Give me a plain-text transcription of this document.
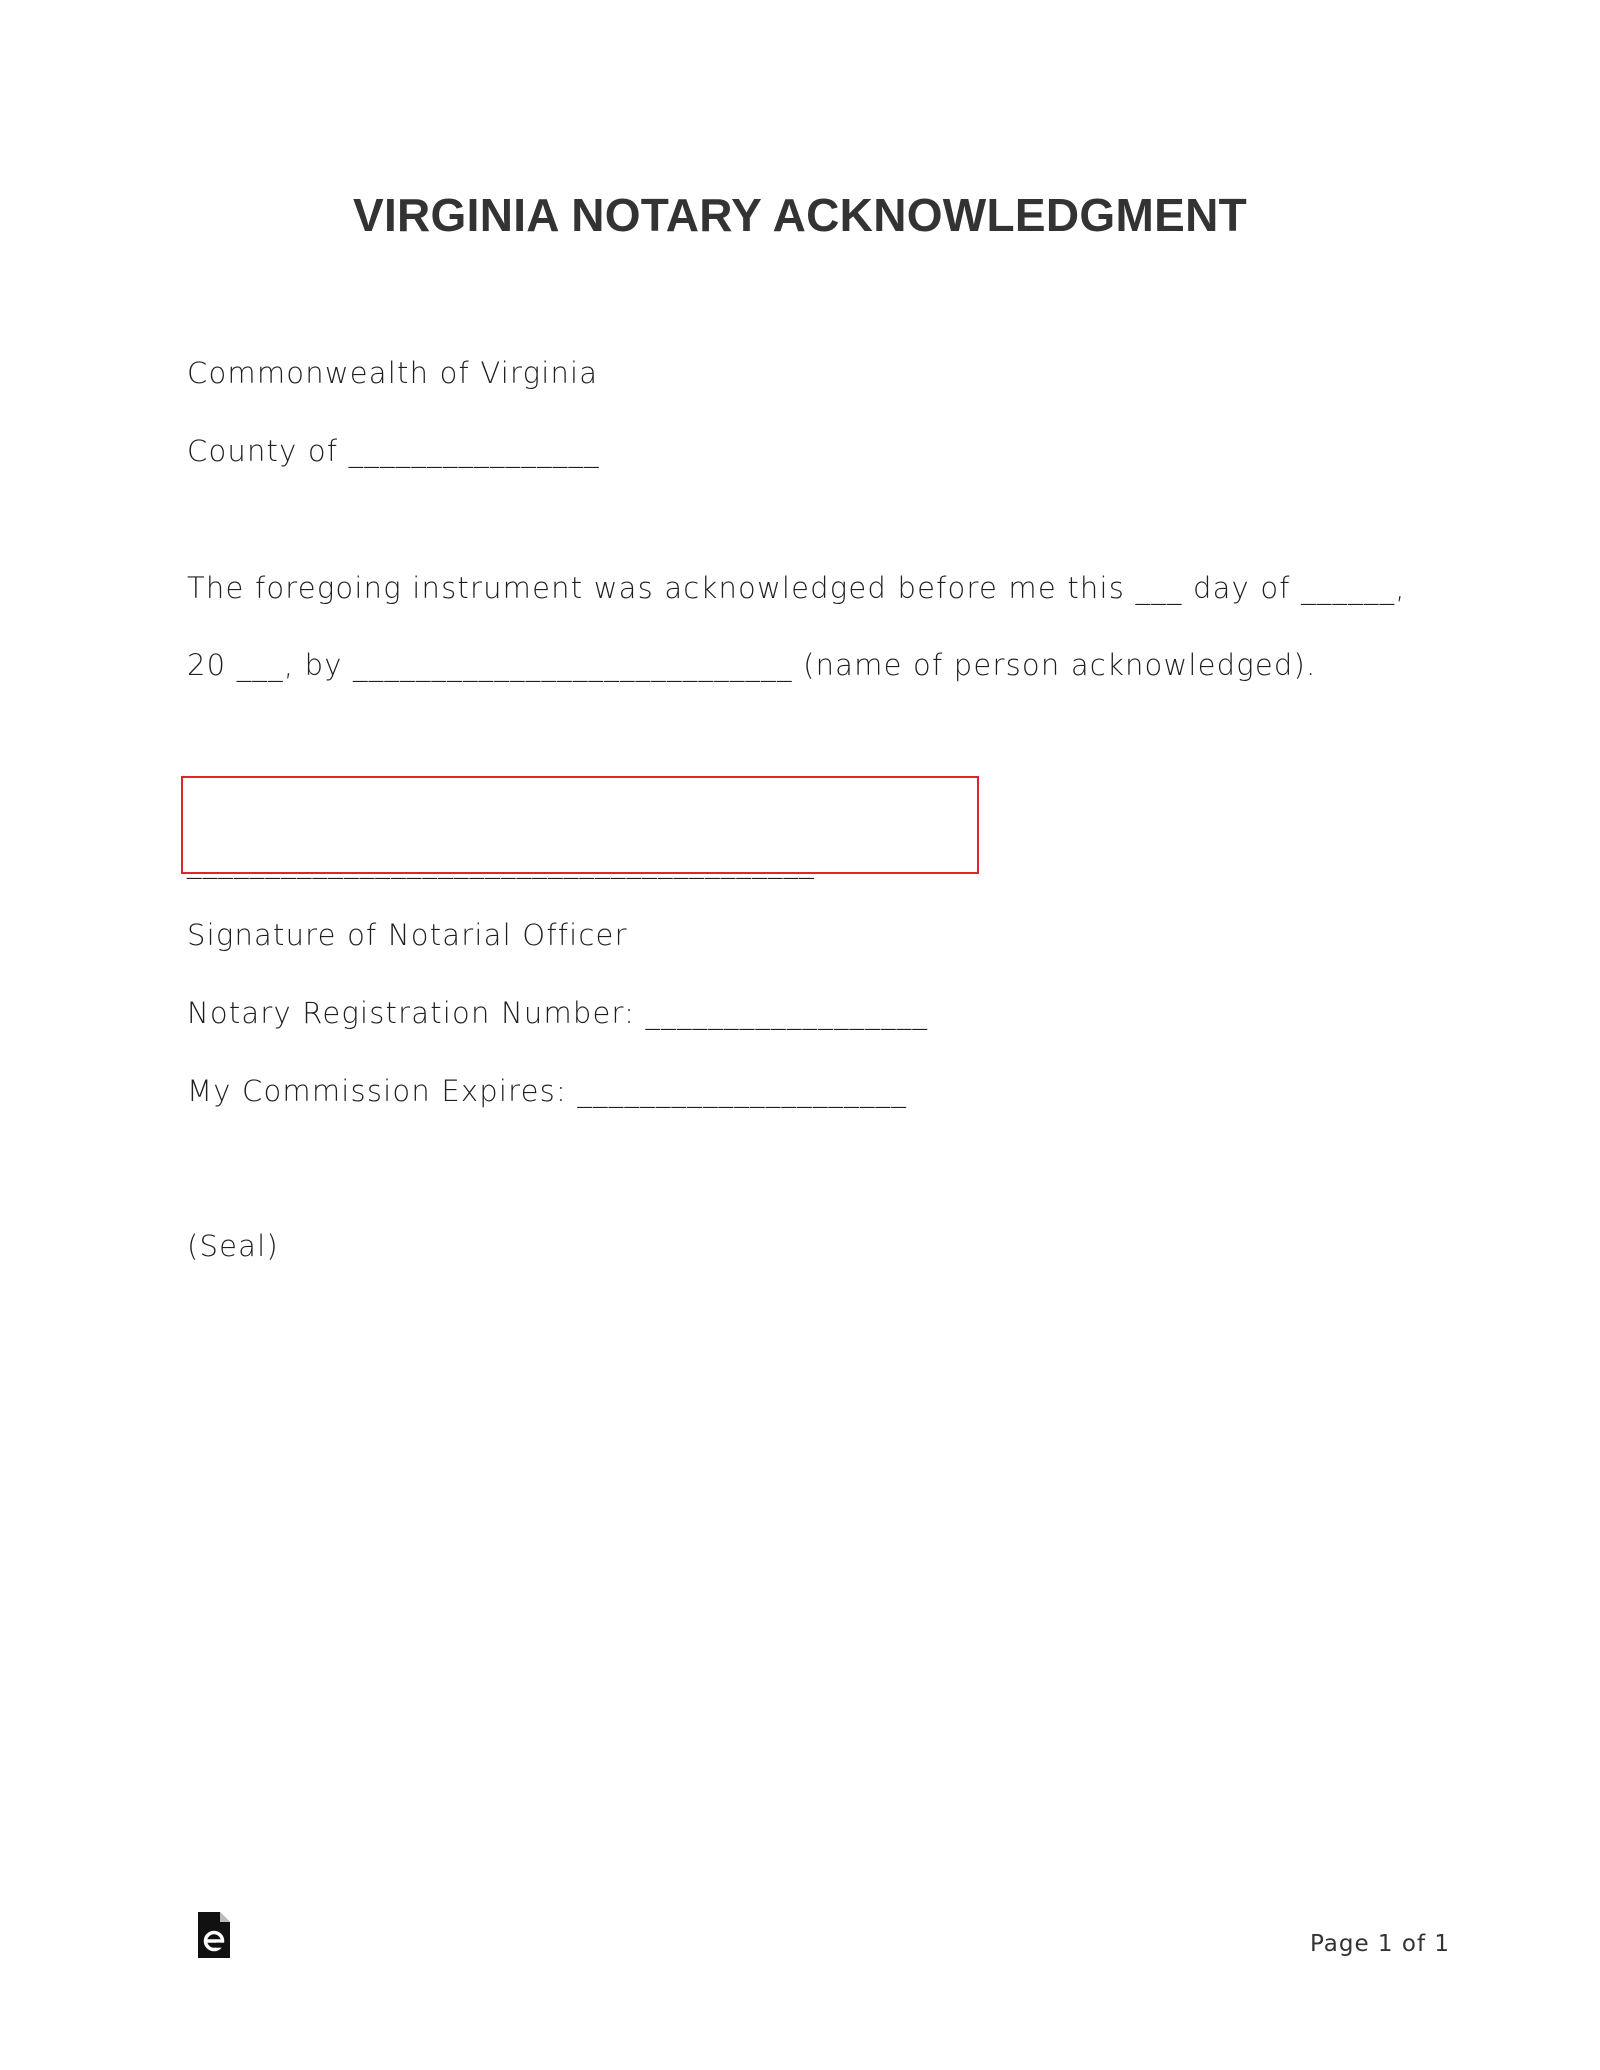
VIRGINIA NOTARY ACKNOWLEDGMENT
Commonwealth of Virginia
County of ________________
The foregoing instrument was acknowledged before me this ___ day of ______,
20 ___, by ____________________________ (name of person acknowledged).
________________________________________
Signature of Notarial Officer
Notary Registration Number: __________________
My Commission Expires: _____________________
(Seal)
Page 1 of 1
